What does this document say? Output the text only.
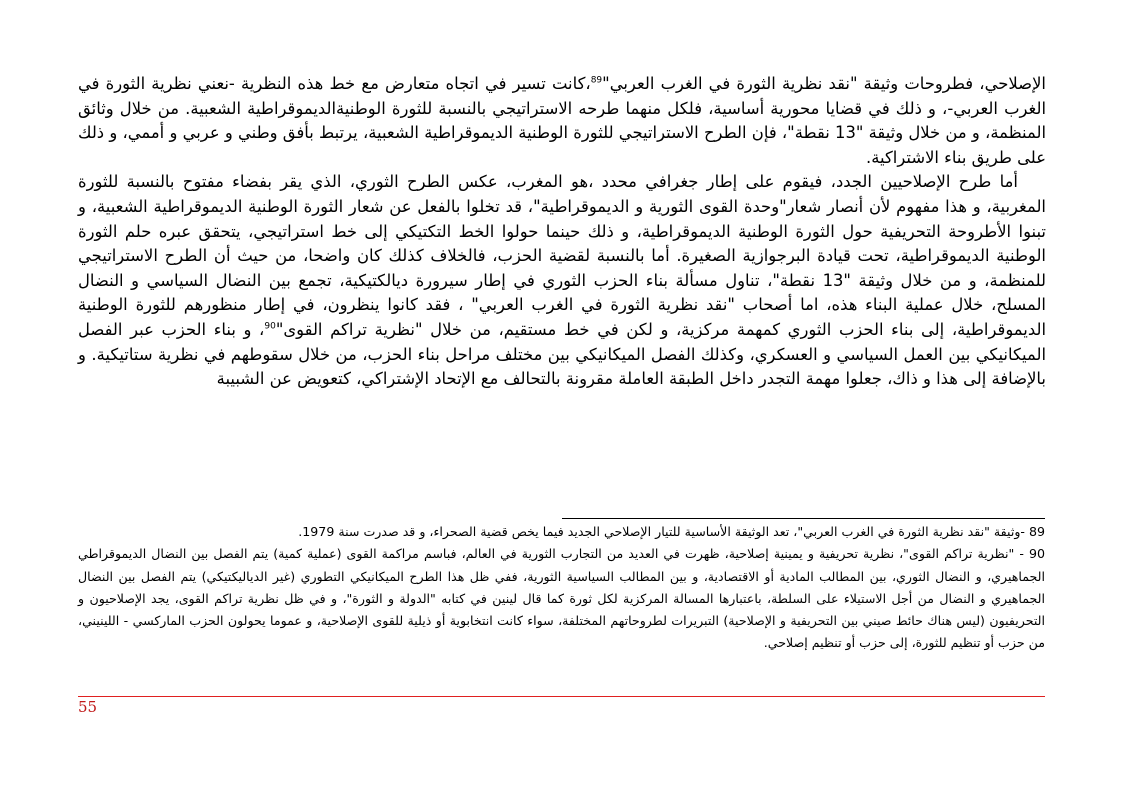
الإصلاحي، فطروحات وثيقة "نقد نظرية الثورة في الغرب العربي"$^{89}$،كانت تسير في اتجاه متعارض مع خط هذه النظرية -نعني نظرية الثورة في الغرب العربي-، و ذلك في قضايا محورية أساسية، فلكل منهما طرحه الاستراتيجي بالنسبة للثورة الوطنيةالديموقراطية الشعبية. من خلال وثائق المنظمة، و من خلال وثيقة "13 نقطة"، فإن الطرح الاستراتيجي للثورة الوطنية الديموقراطية الشعبية، يرتبط بأفق وطني و عربي و أممي، و ذلك على طريق بناء الاشتراكية.

أما طرح الإصلاحيين الجدد، فيقوم على إطار جغرافي محدد ،هو المغرب، عكس الطرح الثوري، الذي يقر بفضاء مفتوح بالنسبة للثورة المغربية، و هذا مفهوم لأن أنصار شعار"وحدة القوى الثورية و الديموقراطية"، قد تخلوا بالفعل عن شعار الثورة الوطنية الديموقراطية الشعبية، و تبنوا الأطروحة التحريفية حول الثورة الوطنية الديموقراطية، و ذلك حينما حولوا الخط التكتيكي إلى خط استراتيجي، يتحقق عبره حلم الثورة الوطنية الديموقراطية، تحت قيادة البرجوازية الصغيرة. أما بالنسبة لقضية الحزب، فالخلاف كذلك كان واضحا، من حيث أن الطرح الاستراتيجي للمنظمة، و من خلال وثيقة "13 نقطة"، تناول مسألة بناء الحزب الثوري في إطار سيرورة ديالكتيكية، تجمع بين النضال السياسي و النضال المسلح، خلال عملية البناء هذه، اما أصحاب "نقد نظرية الثورة في الغرب العربي" ، فقد كانوا ينظرون، في إطار منظورهم للثورة الوطنية الديموقراطية، إلى بناء الحزب الثوري كمهمة مركزية، و لكن في خط مستقيم، من خلال "نظرية تراكم القوى"$^{90}$، و بناء الحزب عبر الفصل الميكانيكي بين العمل السياسي و العسكري، وكذلك الفصل الميكانيكي بين مختلف مراحل بناء الحزب، من خلال سقوطهم في نظرية ستاتيكية. و بالإضافة إلى هذا و ذاك، جعلوا مهمة التجدر داخل الطبقة العاملة مقرونة بالتحالف مع الإتحاد الإشتراكي، كتعويض عن الشبيبة

89 -وثيقة "نقد نظرية الثورة في الغرب العربي"، تعد الوثيقة الأساسية للتيار الإصلاحي الجديد فيما يخص قضية الصحراء، و قد صدرت سنة 1979.

90 - "نظرية تراكم القوى"، نظرية تحريفية و يمينية إصلاحية، ظهرت في العديد من التجارب الثورية في العالم، فباسم مراكمة القوى (عملية كمية) يتم الفصل بين النضال الديموقراطي الجماهيري، و النضال الثوري، بين المطالب المادية أو الاقتصادية، و بين المطالب السياسية الثورية، ففي ظل هذا الطرح الميكانيكي التطوري (غير الدياليكتيكي) يتم الفصل بين النضال الجماهيري و النضال من أجل الاستيلاء على السلطة، باعتبارها المسالة المركزية لكل ثورة كما قال لينين في كتابه "الدولة و الثورة"، و في ظل نظرية تراكم القوى، يجد الإصلاحيون و التحريفيون (ليس هناك حائط صيني بين التحريفية و الإصلاحية) التبريرات لطروحاتهم المختلفة، سواء كانت انتخابوية أو ذيلية للقوى الإصلاحية، و عموما يحولون الحزب الماركسي - اللينيني، من حزب أو تنظيم للثورة، إلى حزب أو تنظيم إصلاحي.

55
